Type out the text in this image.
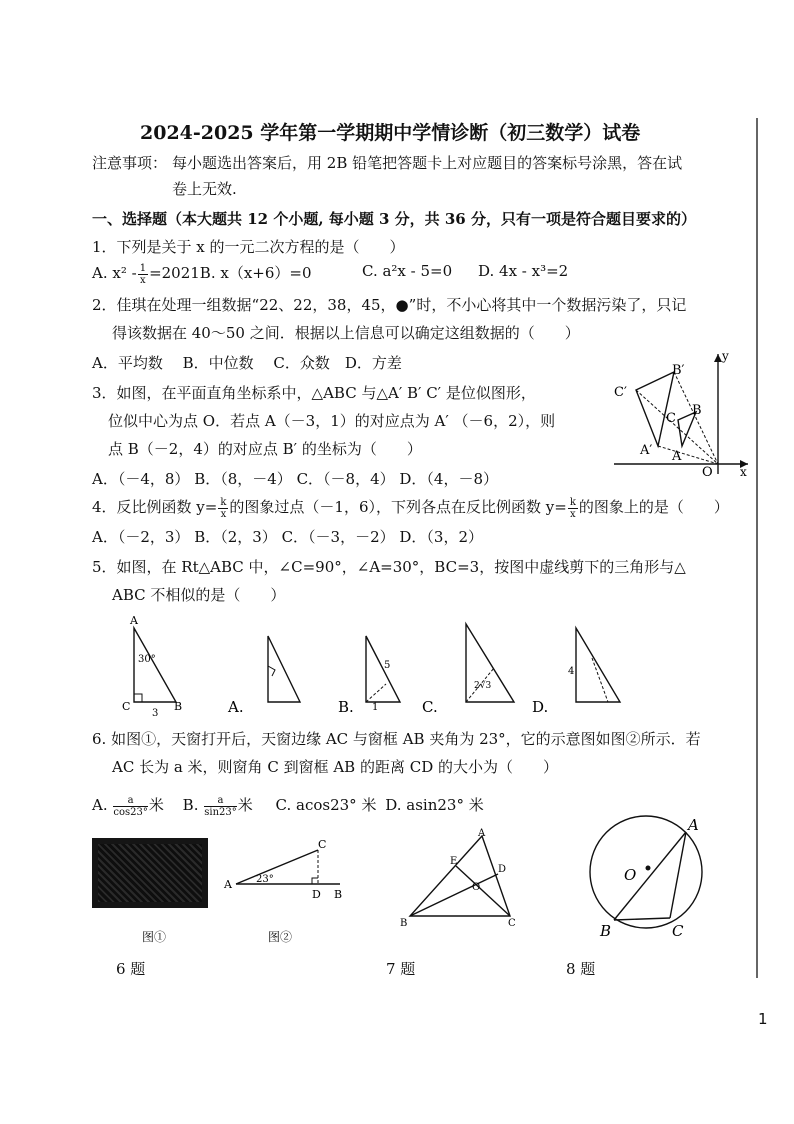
2024-2025 学年第一学期期中学情诊断（初三数学）试卷
注意事项： 每小题选出答案后，用 2B 铅笔把答题卡上对应题目的答案标号涂黑，答在试
卷上无效.
一、选择题（本大题共 12 个小题, 每小题 3 分，共 36 分，只有一项是符合题目要求的）
1．下列是关于 x 的一元二次方程的是（　　）
A. $x^2 - \frac{1}{x} =2021B$. x（x+6）=0	C. a²x - 5=0 D. 4x - x³=2
2．佳琪在处理一组数据“22、22，38，45，●”时，不小心将其中一个数据污染了，只记
得该数据在 40～50 之间．根据以上信息可以确定这组数据的（　　）
A．平均数　 B．中位数　 C．众数　D．方差
3．如图，在平面直角坐标系中，△ABC 与△A′ B′ C′ 是位似图形，
位似中心为点 O．若点 A（－3，1）的对应点为 A′ （－6，2），则
点 B（－2，4）的对应点 B′ 的坐标为（　　）
A．（－4，8） B．（8，－4） C．（－8，4） D．（4，－8）
C′
B′
C
B
A′ A
O x
y
4．反比例函数 $y= \frac{k}{x}$ 的图象过点（－1，6），下列各点在反比例函数 $y= \frac{k}{x}$ 的图象上的是（　　）
A．（－2，3） B．（2，3） C．（－3，－2） D．（3，2）
5．如图，在 Rt△ABC 中，∠C=90°，∠A=30°，BC=3，按图中虚线剪下的三角形与△
ABC 不相似的是（　　）
A
B
C
30°
3	A.	B.	C.	D.
5
1
2√3
4
6. 如图①，天窗打开后，天窗边缘 AC 与窗框 AB 夹角为 23°，它的示意图如图②所示．若
AC 长为 a 米，则窗角 C 到窗框 AB 的距离 CD 的大小为（　　）
A. $\frac{a}{\cos 23^\circ}$ 米 B. $\frac{a}{\sin 23^\circ}$ 米 C. acos23° 米 D. asin23° 米
C
A 23°
D B
图①	图②
A
E
D
O
B	C
A
O
B	C
6 题	7 题	8 题
1
